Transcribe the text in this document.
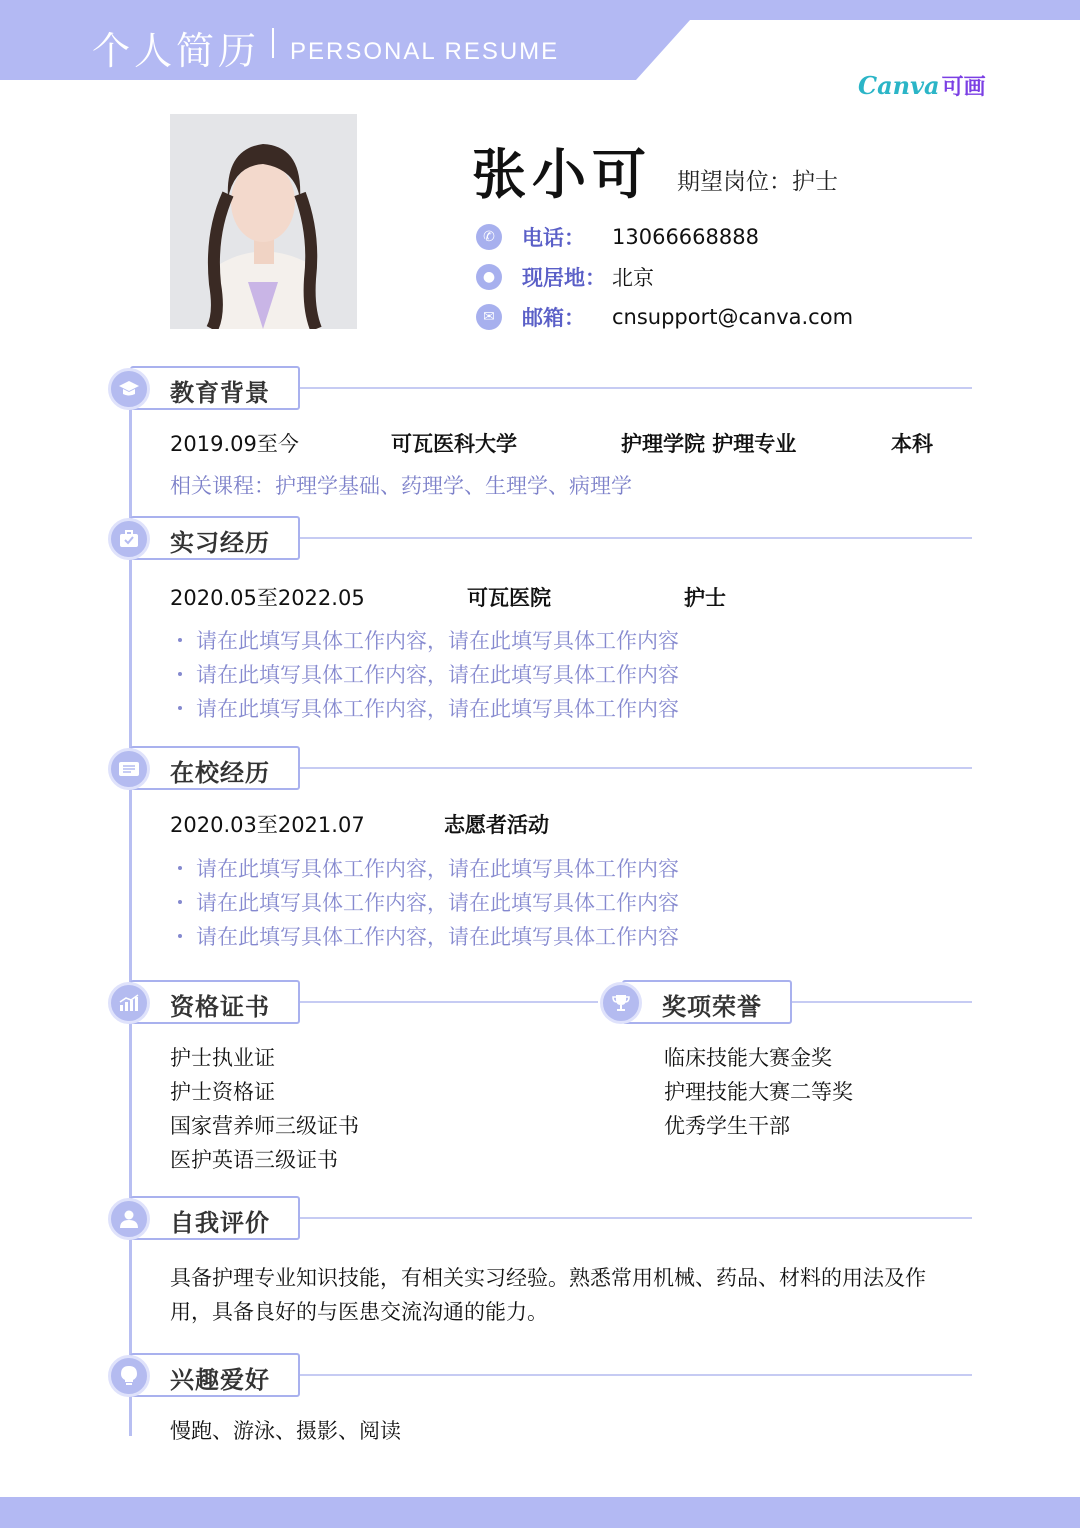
个人简历 PERSONAL RESUME
Canva可画
张小可 期望岗位：护士
✆	电话： 13066668888
●	现居地： 北京
✉	邮箱： cnsupport@canva.com
教育背景
2019.09至今	可瓦医科大学	护理学院 护理专业	本科
相关课程：护理学基础、药理学、生理学、病理学
实习经历
2020.05至2022.05	可瓦医院	护士
请在此填写具体工作内容，请在此填写具体工作内容
请在此填写具体工作内容，请在此填写具体工作内容
请在此填写具体工作内容，请在此填写具体工作内容
在校经历
2020.03至2021.07	志愿者活动
请在此填写具体工作内容，请在此填写具体工作内容
请在此填写具体工作内容，请在此填写具体工作内容
请在此填写具体工作内容，请在此填写具体工作内容
资格证书
护士执业证
护士资格证
国家营养师三级证书
医护英语三级证书
奖项荣誉
临床技能大赛金奖
护理技能大赛二等奖
优秀学生干部
自我评价
具备护理专业知识技能，有相关实习经验。熟悉常用机械、药品、材料的用法及作
用，具备良好的与医患交流沟通的能力。
兴趣爱好
慢跑、游泳、摄影、阅读
